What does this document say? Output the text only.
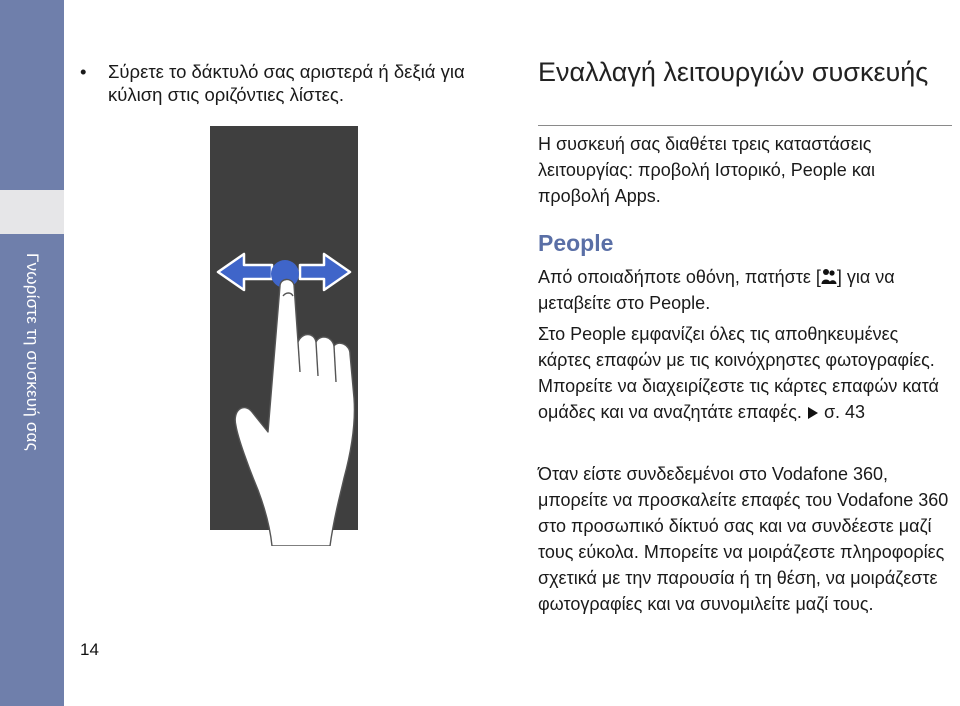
Γνωρίστε τη συσκευή σας
14
• Σύρετε το δάκτυλό σας αριστερά ή δεξιά για κύλιση στις οριζόντιες λίστες.
Εναλλαγή λειτουργιών συσκευής

Η συσκευή σας διαθέτει τρεις καταστάσεις λειτουργίας: προβολή Ιστορικό, People και προβολή Apps.

People

Από οποιαδήποτε οθόνη, πατήστε [ ] για να μεταβείτε στο People.

Στο People εμφανίζει όλες τις αποθηκευμένες κάρτες επαφών με τις κοινόχρηστες φωτογραφίες. Μπορείτε να διαχειρίζεστε τις κάρτες επαφών κατά ομάδες και να αναζητάτε επαφές. σ. 43

Όταν είστε συνδεδεμένοι στο Vodafone 360, μπορείτε να προσκαλείτε επαφές του Vodafone 360 στο προσωπικό δίκτυό σας και να συνδέεστε μαζί τους εύκολα. Μπορείτε να μοιράζεστε πληροφορίες σχετικά με την παρουσία ή τη θέση, να μοιράζεστε φωτογραφίες και να συνομιλείτε μαζί τους.
